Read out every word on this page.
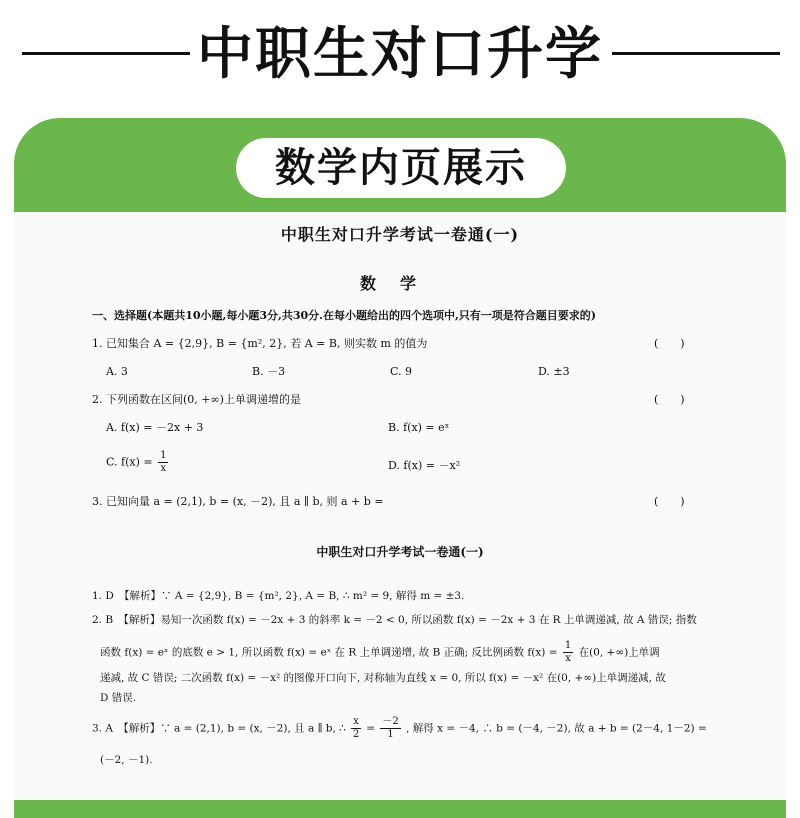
中职生对口升学
数学内页展示
中职生对口升学考试一卷通(一)
数学
一、选择题(本题共10小题,每小题3分,共30分.在每小题给出的四个选项中,只有一项是符合题目要求的)
1. 已知集合 A = {2,9}, B = {m², 2}, 若 A = B, 则实数 m 的值为	(　　)
A. 3	B. －3	C. 9	D. ±3
2. 下列函数在区间(0, +∞)上单调递增的是	(　　)
A. f(x) = －2x + 3	B. f(x) = eˣ
C. $f(x) = \frac{1}{x}$	D. f(x) = －x²
3. 已知向量 a = (2,1), b = (x, －2), 且 a ∥ b, 则 a + b =	(　　)
中职生对口升学考试一卷通(一)
1. D　【解析】∵ A = {2,9}, B = {m², 2}, A = B, ∴ m² = 9, 解得 m = ±3.
2. B　【解析】易知一次函数 f(x) = －2x + 3 的斜率 k = －2 < 0, 所以函数 f(x) = －2x + 3 在 R 上单调递减, 故 A 错误; 指数
函数 f(x) = eˣ 的底数 e > 1, 所以函数 f(x) = eˣ 在 R 上单调递增, 故 B 正确; 反比例函数 $f(x) = \frac{1}{x}$ 在(0, +∞)上单调
递减, 故 C 错误; 二次函数 f(x) = －x² 的图像开口向下, 对称轴为直线 x = 0, 所以 f(x) = －x² 在(0, +∞)上单调递减, 故
D 错误.
3. A　【解析】∵ a = (2,1), b = (x, －2), 且 a ∥ b, ∴ $\frac{x}{2} = \frac{-2}{1}$ , 解得 x = －4, ∴ b = (－4, －2), 故 a + b = (2－4, 1－2) =
(－2, －1).
